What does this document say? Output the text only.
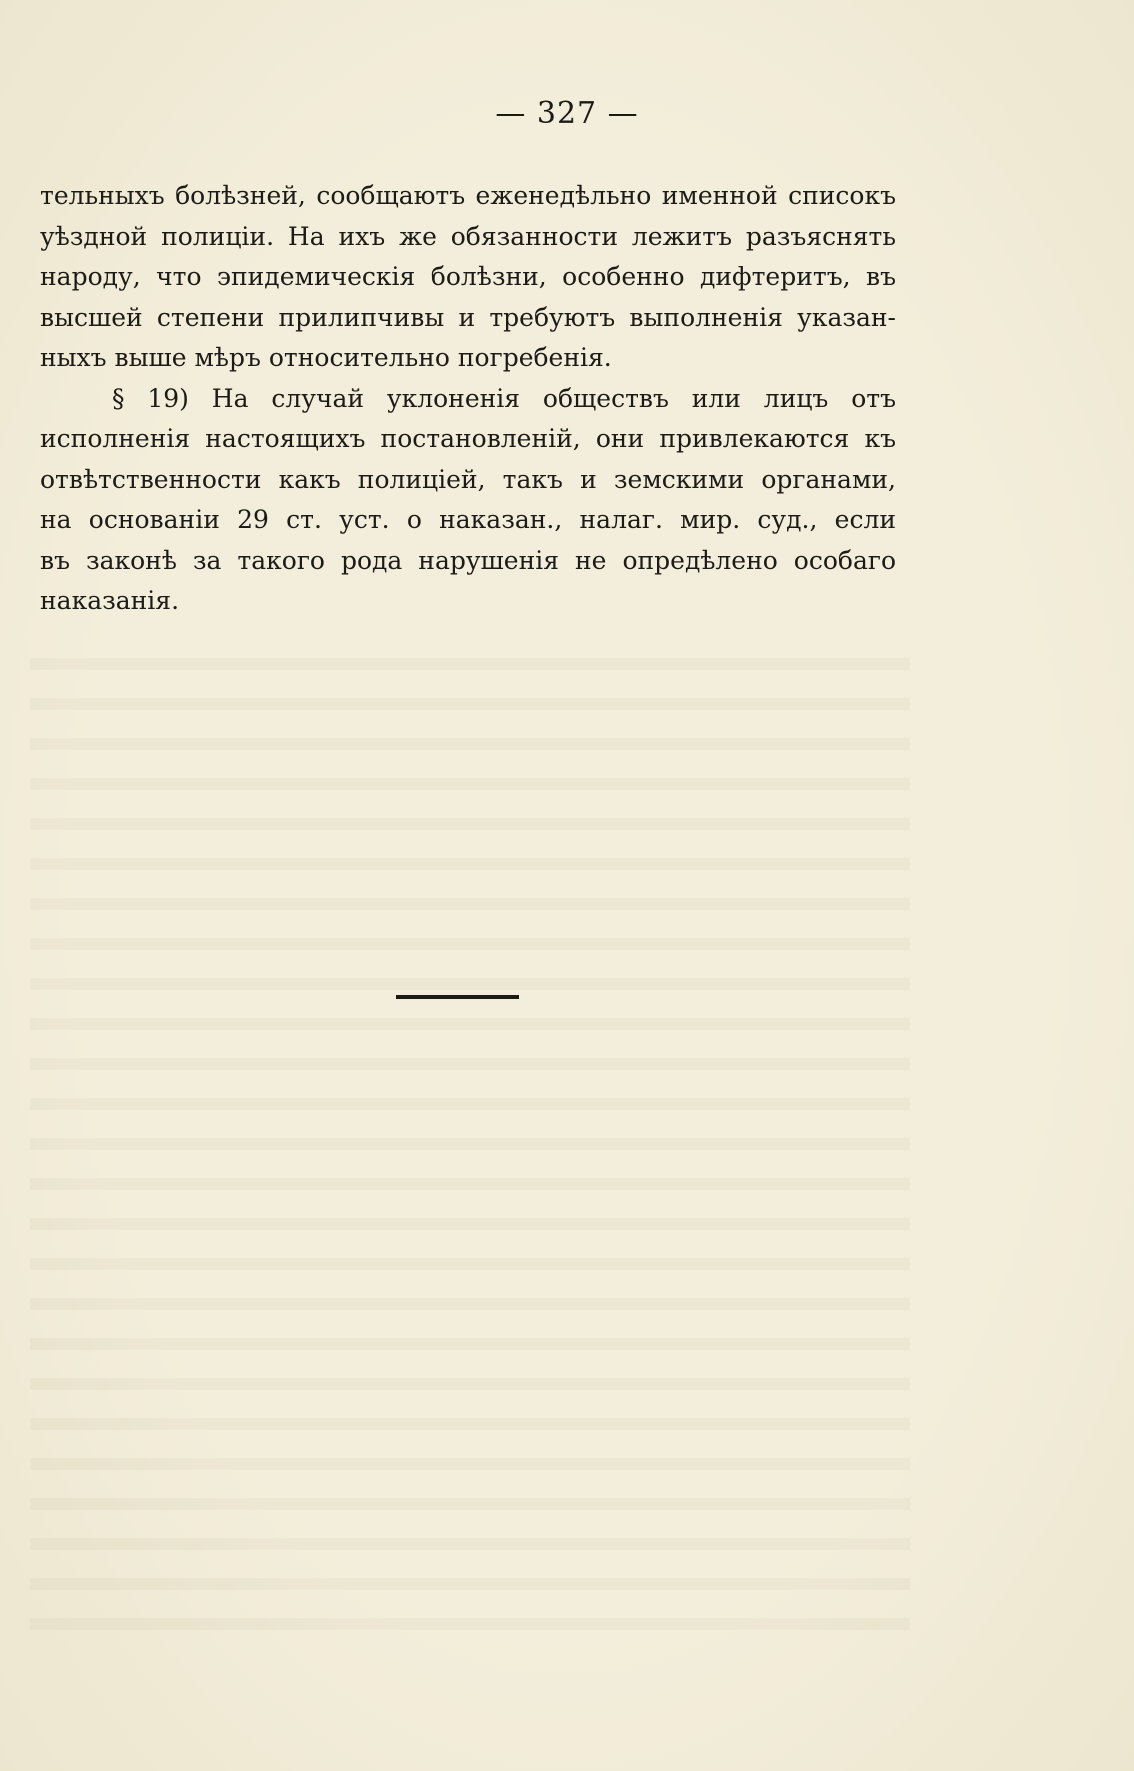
— 327 —
тельныхъ болѣзней, сообщаютъ еженедѣльно именной списокъ
уѣздной полиціи. На ихъ же обязанности лежитъ разъяснять
народу, что эпидемическія болѣзни, особенно дифтеритъ, въ
высшей степени прилипчивы и требуютъ выполненія указан-
ныхъ выше мѣръ относительно погребенія.
§ 19) На случай уклоненія обществъ или лицъ отъ
исполненія настоящихъ постановленій, они привлекаются къ
отвѣтственности какъ полиціей, такъ и земскими органами,
на основаніи 29 ст. уст. о наказан., налаг. мир. суд., если
въ законѣ за такого рода нарушенія не опредѣлено особаго
наказанія.
